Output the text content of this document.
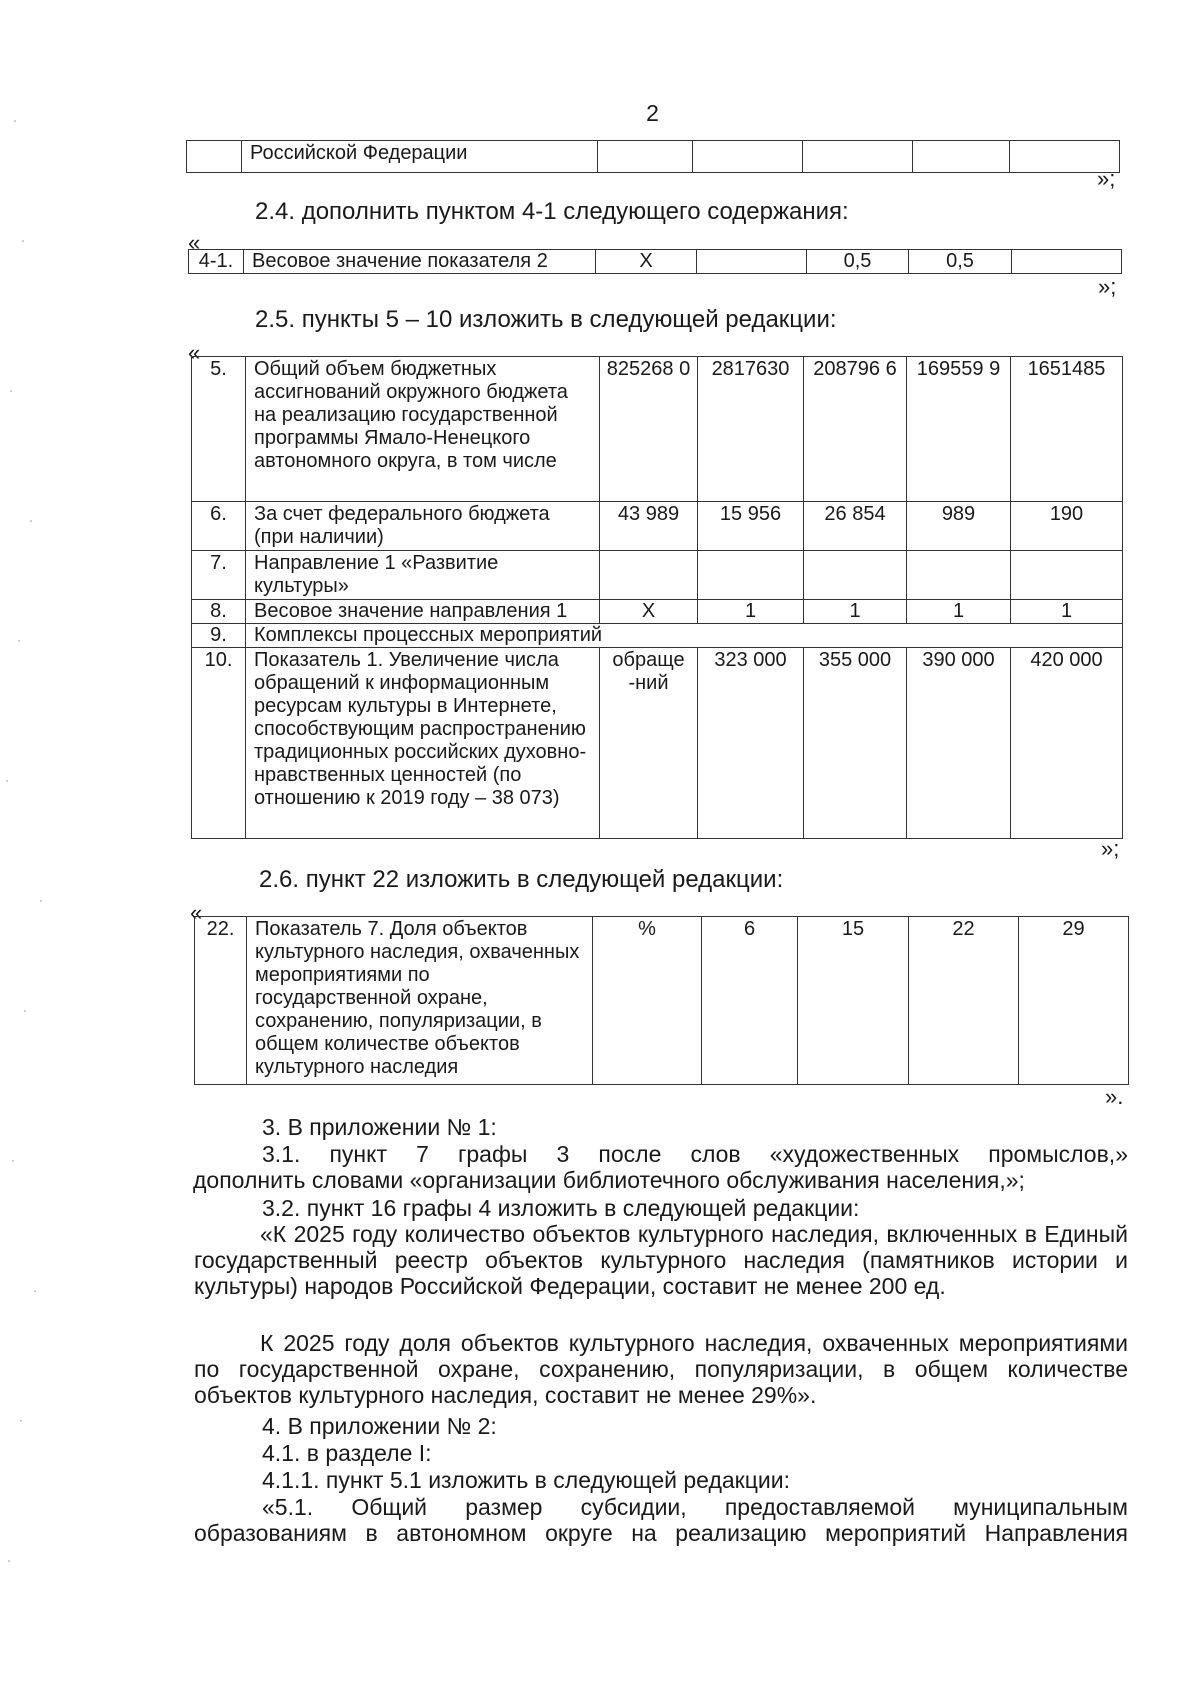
2
	Российской Федерации					
»;
2.4. дополнить пунктом 4-1 следующего содержания:
«
4-1.	Весовое значение показателя 2	X		0,5	0,5	
»;
2.5. пункты 5 – 10 изложить в следующей редакции:
«
5.	Общий объем бюджетных ассигнований окружного бюджета на реализацию государственной программы Ямало-Ненецкого автономного округа, в том числе	825268 0	2817630	208796 6	169559 9	1651485
6.	За счет федерального бюджета (при наличии)	43 989	15 956	26 854	989	190
7.	Направление 1 «Развитие культуры»					
8.	Весовое значение направления 1	X	1	1	1	1
9.	Комплексы процессных мероприятий					
10.	Показатель 1. Увеличение числа обращений к информационным ресурсам культуры в Интернете, способствующим распространению традиционных российских духовно-нравственных ценностей (по отношению к 2019 году – 38 073)	обраще -ний	323 000	355 000	390 000	420 000
»;
2.6. пункт 22 изложить в следующей редакции:
«
22.	Показатель 7. Доля объектов культурного наследия, охваченных мероприятиями по государственной охране, сохранению, популяризации, в общем количестве объектов культурного наследия	%	6	15	22	29
».
3. В приложении № 1:
3.1. пункт 7 графы 3 после слов «художественных промыслов,»
дополнить словами «организации библиотечного обслуживания населения,»;
3.2. пункт 16 графы 4 изложить в следующей редакции:
«К 2025 году количество объектов культурного наследия, включенных в Единый государственный реестр объектов культурного наследия (памятников истории и культуры) народов Российской Федерации, составит не менее 200 ед.
К 2025 году доля объектов культурного наследия, охваченных мероприятиями по государственной охране, сохранению, популяризации, в общем количестве объектов культурного наследия, составит не менее 29%».
4. В приложении № 2:
4.1. в разделе I:
4.1.1. пункт 5.1 изложить в следующей редакции:
«5.1. Общий размер субсидии, предоставляемой муниципальным
образованиям в автономном округе на реализацию мероприятий Направления
